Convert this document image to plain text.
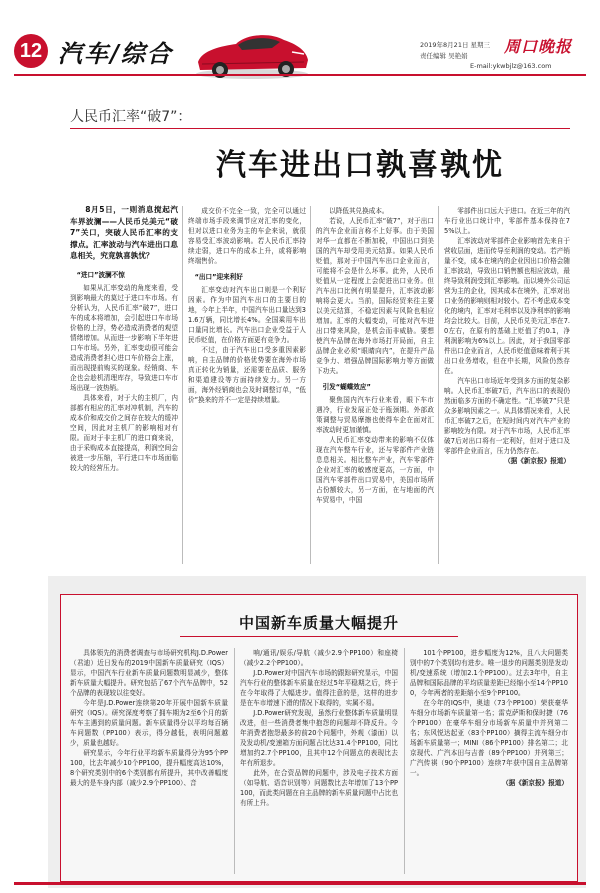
12 汽车/综合	2019年8月21日 星期三
责任编辑 吴艳娟	周口晚报
E-mail:ykwbjlz@163.com
人民币汇率“破7”：
汽车进出口孰喜孰忧

8月5日，一则消息搅起汽车界波澜——人民币兑美元“破7”关口，突破人民币汇率的支撑点。汇率波动与汽车进出口息息相关，究竟孰喜孰忧？

“进口”波澜不惊

如果从汇率变动的角度来看，受到影响最大的莫过于进口车市场。有分析认为，人民币汇率“破7”，进口车的成本将增加，会引起进口车市场价格的上浮，势必造成消费者的观望情绪增加。从而进一步影响下半年进口车市场。另外，汇率变动很可能会造成消费者担心进口车价格会上涨，而出现提前购买的现象。经销商、车企也会趁机清理库存，导致进口车市场出现一波热销。

具体来看，对于大的主机厂，内部都有相应的汇率对冲机制，汽车的成本价和成交价之间存在较大的缓冲空间，因此对主机厂的影响相对有限。而对于非主机厂的进口商来说，由于采购成本直接提高，利润空间会被进一步压缩，平行进口车市场面临较大的经营压力。

成交价不完全一致，完全可以通过终端市场手段来调节应对汇率的变化，但对以进口业务为主的车企来说，就很容易受汇率波动影响。若人民币汇率持续走弱，进口车的成本上升，或将影响终端售价。

“出口”迎来利好

汇率变动对汽车出口则是一个利好因素。作为中国汽车出口的主要目的地，今年上半年，中国汽车出口量达到31.6万辆，同比增长4%。全国乘用车出口量同比增长。汽车出口企业受益于人民币贬值，在价格方面更有竞争力。

不过，由于汽车出口受多重因素影响，自主品牌的价格优势要在海外市场真正转化为销量，还需要在品质、服务和渠道建设等方面持续发力。另一方面，海外经销商也会及时调整订单，“低价”换来的并不一定是持续增量。

以降低其兑换成本。

若说，人民币汇率“破7”，对于出口的汽车企业而言称不上好事。由于美国对华一直都在不断加税，中国出口到美国的汽车却受用美元结算。如果人民币贬值，那对于中国汽车出口企业而言，可能将不会是什么坏事。此外，人民币贬值从一定程度上会促进出口业务。但汽车出口比例有明显提升，汇率波动影响将会更大。当前，国际经贸来往主要以美元结算，不稳定因素与风险也相应增加。汇率的大幅变动，可能对汽车进出口带来风险，是机会而非威胁。要想使汽车品牌在海外市场打开局面，自主品牌企业必须“眼睛向内”，在提升产品竞争力、增强品牌国际影响力等方面做下功夫。

引发“蝴蝶效应”

聚焦国内汽车行业来看，眼下车市遇冷，行业发展正处于瓶颈期。外部政策调整与贸易摩擦也使得车企在面对汇率波动时更加谨慎。

人民币汇率变动带来的影响不仅体现在汽车整车行业，还与零部件产业链息息相关。相比整车产业，汽车零部件企业对汇率的敏感度更高，一方面，中国汽车零部件出口贸易中，美国市场所占份额较大，另一方面，在与地面的汽车贸易中，中国

零部件出口远大于进口。在近三年的汽车行业出口统计中，零部件基本保持在75%以上。

汇率波动对零部件企业影响首先来自于营收层面，进而传导至利润的变动。若产销量不变，成本在境内的企业因出口价格会随汇率波动，导致出口销售额也相应波动，最终导致利润受到汇率影响。而以境外公司运营为主的企业，因其成本在境外，汇率对出口业务的影响则相对较小。若不考虑成本变化的境内，汇率对毛利率以及净利率的影响均会比较大。目前，人民币兑美元汇率在7.0左右，在原有的基础上贬值了约0.1，净利润影响为6%以上。因此，对于我国零部件出口企业而言，人民币贬值意味着利于其出口业务增收，但在中长期，风险仍然存在。

汽车出口市场近年受到多方面的复杂影响。人民币汇率破7后，汽车出口的表现仍然面临多方面的不确定性。“汇率破7”只是众多影响因素之一。从具体情况来看，人民币汇率破7之后，在短时间内对汽车产业的影响较为有限。对于汽车市场，人民币汇率破7后对出口将有一定利好，但对于进口及零部件企业而言，压力仍然存在。

（据《新京报》报道）

中国新车质量大幅提升

具体领先的消费者调查与市场研究机构J.D.Power（君迪）近日发布的2019中国新车质量研究（IQS）显示，中国汽车行业新车质量问题数明显减少，整体新车质量大幅提升。研究包括了67个汽车品牌中，52个品牌的表现较以往变好。

今年是J.D.Power连续第20年开展中国新车质量研究（IQS）。研究深度考察了拥车期为2至6个月的新车车主遇到的质量问题。新车质量得分以平均每百辆车问题数（PP100）表示，得分越低，表明问题越少，质量也越好。

研究显示，今年行业平均新车质量得分为95个PP100，比去年减少10个PP100，提升幅度高达10%，8个研究类别中的6个类别都有所提升，其中改善幅度最大的是车身内部（减少2.9个PP100）、音

响/通讯/娱乐/导航（减少2.9个PP100）和座椅（减少2.2个PP100）。

J.D.Power对中国汽车市场的跟踪研究显示，中国汽车行业的整体新车质量在经过5年平稳期之后，终于在今年取得了大幅进步。值得注意的是，这样的进步是在车市增速下滑的情况下取得的，实属不易。

J.D.Power研究发现，虽然行业整体新车质量明显改进，但一些消费者集中抱怨的问题却不降反升。今年消费者抱怨最多的前20个问题中，外观（漆面）以及发动机/变速箱方面问题占比达31.4个PP100，同比增加约2.7个PP100，且其中12个问题点的表现比去年有所退步。

此外，在合资品牌的问题中，涉及电子技术方面（如导航、语音识别等）问题数比去年增加了13个PP100，而此类问题在自主品牌的新车质量问题中占比也有所上升。

101个PP100，进步幅度为12%，且八大问题类别中的7个类别均有进步。唯一退步的问题类别是发动机/变速系统（增加2.1个PP100）。过去3年中，自主品牌和国际品牌的平均质量差距已经缩小至14个PP100，今年两者的差距缩小至9个PP100。

在今年的IQS中，奥迪（73个PP100）荣获豪华车细分市场新车质量第一名；雷克萨斯和保时捷（76个PP100）在豪华车细分市场新车质量中并列第二名；东风悦达起亚（83个PP100）摘得主流车细分市场新车质量第一；MINI（86个PP100）排名第二；北京现代、广汽本田与吉普（89个PP100）并列第三；广汽传祺（90个PP100）连续7年获中国自主品牌第一。

（据《新京报》报道）
